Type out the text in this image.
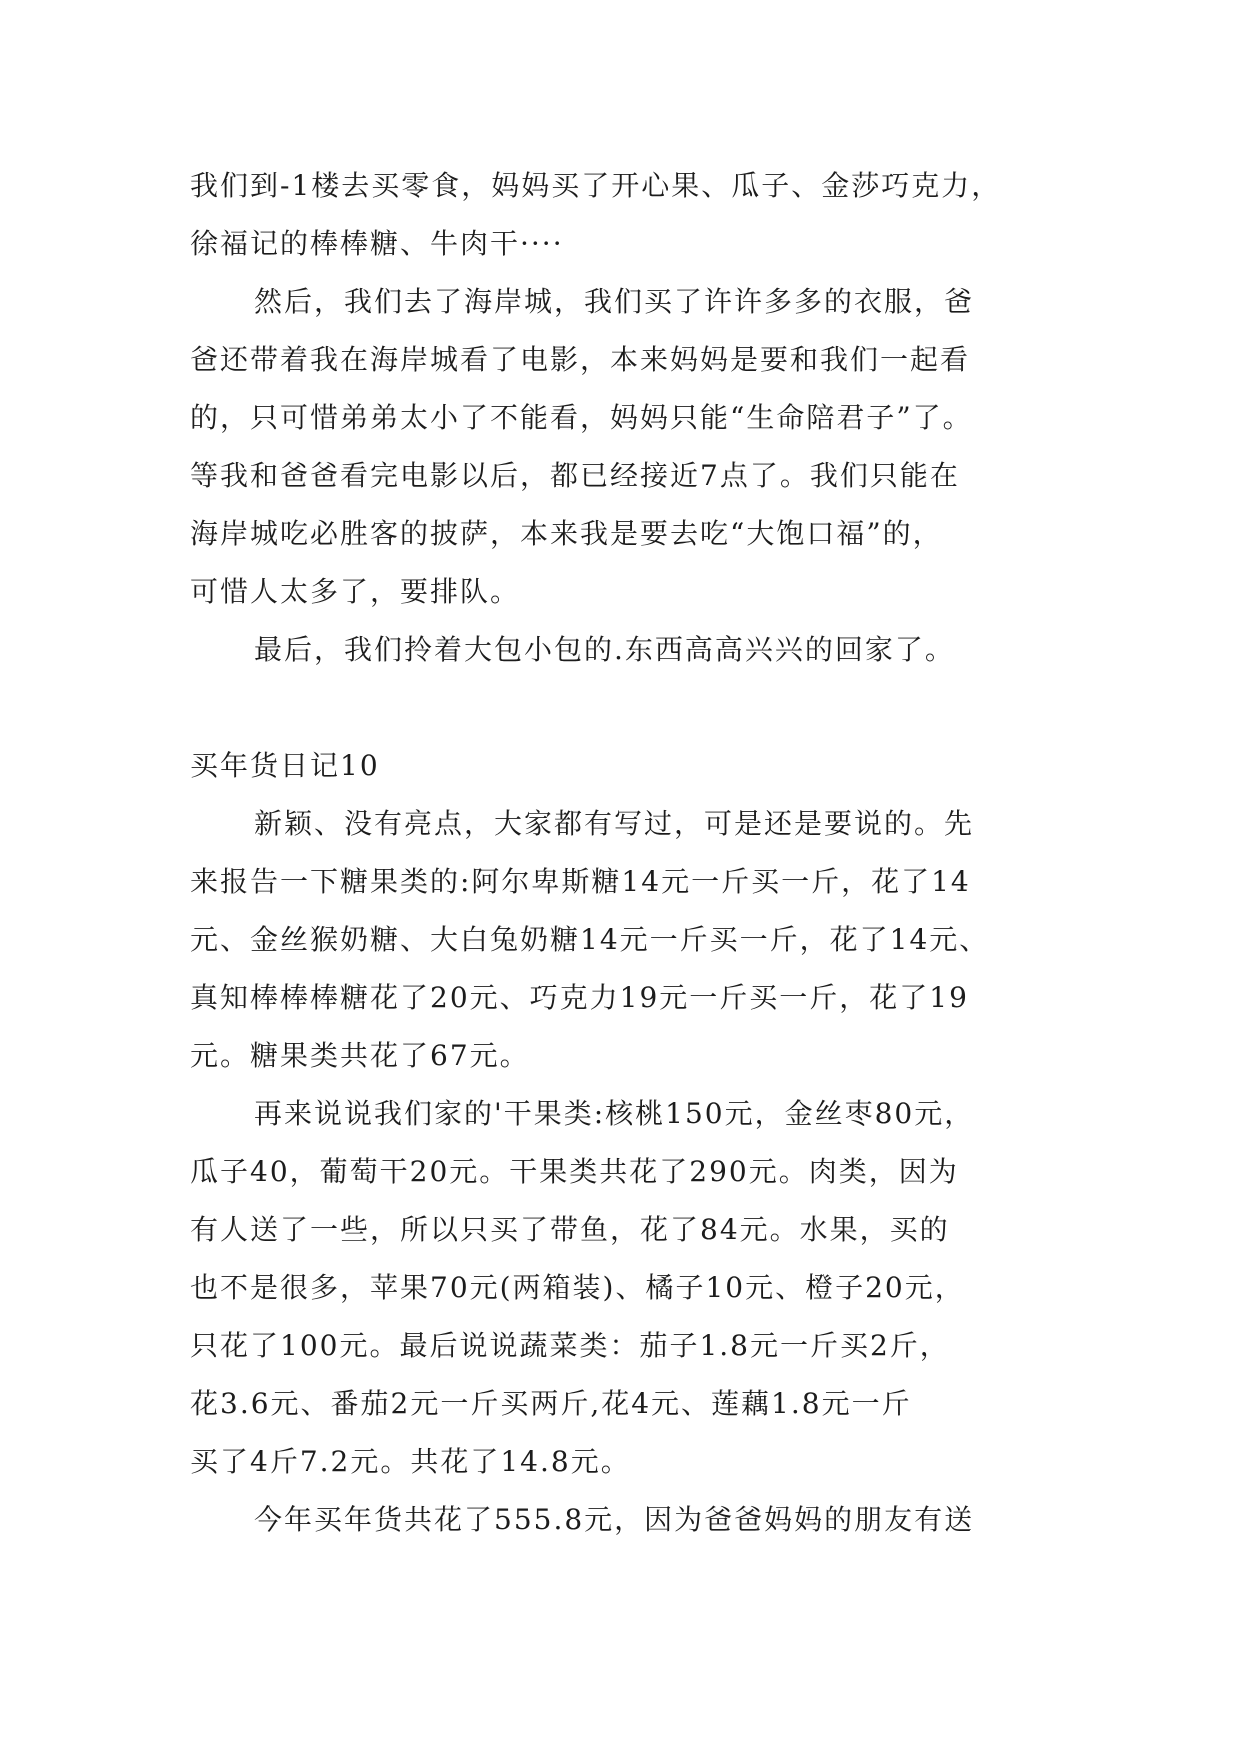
我们到-1楼去买零食，妈妈买了开心果、瓜子、金莎巧克力，
徐福记的棒棒糖、牛肉干····
然后，我们去了海岸城，我们买了许许多多的衣服，爸
爸还带着我在海岸城看了电影，本来妈妈是要和我们一起看
的，只可惜弟弟太小了不能看，妈妈只能“生命陪君子”了。
等我和爸爸看完电影以后，都已经接近7点了。我们只能在
海岸城吃必胜客的披萨，本来我是要去吃“大饱口福”的，
可惜人太多了，要排队。
最后，我们拎着大包小包的.东西高高兴兴的回家了。
买年货日记10
新颖、没有亮点，大家都有写过，可是还是要说的。先
来报告一下糖果类的:阿尔卑斯糖14元一斤买一斤，花了14
元、金丝猴奶糖、大白兔奶糖14元一斤买一斤，花了14元、
真知棒棒棒糖花了20元、巧克力19元一斤买一斤，花了19
元。糖果类共花了67元。
再来说说我们家的'干果类:核桃150元，金丝枣80元，
瓜子40，葡萄干20元。干果类共花了290元。肉类，因为
有人送了一些，所以只买了带鱼，花了84元。水果，买的
也不是很多，苹果70元(两箱装)、橘子10元、橙子20元，
只花了100元。最后说说蔬菜类：茄子1.8元一斤买2斤，
花3.6元、番茄2元一斤买两斤,花4元、莲藕1.8元一斤
买了4斤7.2元。共花了14.8元。
今年买年货共花了555.8元，因为爸爸妈妈的朋友有送
